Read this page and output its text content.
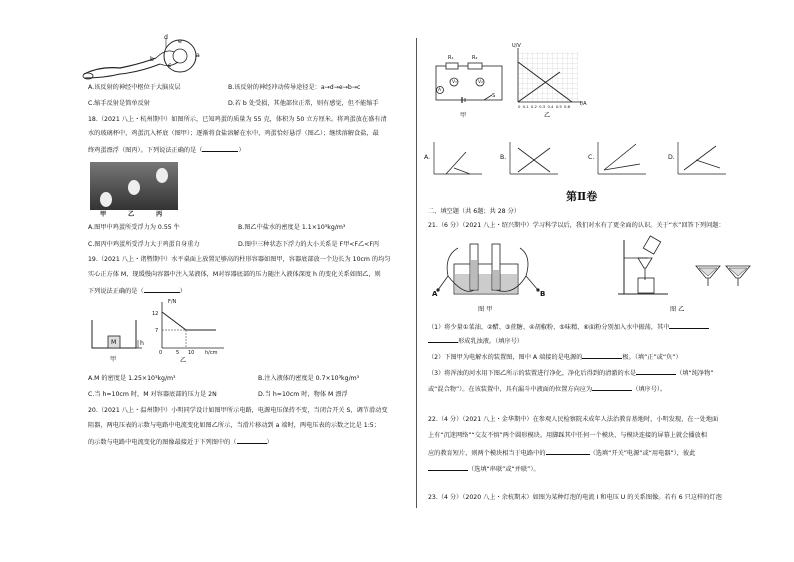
d
e
a
b
c
A.该反射的神经中枢位于大脑皮层	B.该反射的神经冲动传导途径是：a→d→e→b→c
C.缩手反射是简单反射	D.若 b 处受损，其他部位正常，则有感觉，但不能缩手
18.（2021 八上・杭州期中）如图所示，已知鸡蛋的质量为 55 克，体积为 50 立方厘米。将鸡蛋放在盛有清
水的玻璃杯中，鸡蛋沉入杯底（图甲）；逐渐将食盐溶解在水中，鸡蛋恰好悬浮（图乙）；继续溶解食盐，最
终鸡蛋漂浮（图丙）。下列说法正确的是（	）
甲	乙	丙
A.图甲中鸡蛋所受浮力为 0.55 牛	B.图乙中盐水的密度是 1.1×10³kg/m³
C.图丙中鸡蛋所受浮力大于鸡蛋自身重力	D.图中三种状态下浮力的大小关系是 F甲<F乙<F丙
19.（2021 八上・诸暨期中）水平桌面上放置足够高的柱形容器如图甲，容器底部放一个边长为 10cm 的均匀
实心正方体 M，现缓慢向容器中注入某液体，M对容器底部的压力随注入液体深度 h 的变化关系如图乙，则
下列说法正确的是（	）
M	h
甲
F/N
12
7
0	5 10 h/cm
乙
A.M 的密度是 1.25×10³kg/m³	B.注入液体的密度是 0.7×10³kg/m³
C.当 h=10cm 时，M 对容器底部的压力是 2N	D.当 h=10cm 时，物体 M 漂浮
20.（2021 八上・温州期中）小明同学设计如图甲所示电路，电源电压保持不变，当闭合开关 S，调节滑动变
阻器，两电压表的示数与电路中电流变化如图乙所示，当滑片移动到 a 端时，两电压表的示数之比是 1:5；
的示数与电路中电流变化的图像最接近于下列图中的（	）
R₁	R₂
V₁	V₂
A
S
甲
U/V
0 0.1 0.2 0.3 0.4 0.5 0.6 I/A
乙
A.	B.	C.	D.
第Ⅱ卷
二、填空题（共 6题；共 28 分）
21.（6 分）（2021 八上・绍兴期中）学习科学以后，我们对水有了更全面的认识。关于“水”回答下列问题：
A	B
图 甲	图 乙
（1）将少量①菜油、②醋、③蔗糖、④胡椒粉、⑤味精、⑥面粉分别加入水中振荡，其中
形成乳浊液。（填序号）
（2）下图甲为电解水的装置图，图中 A 端接的是电源的	极。（填“正”或“负”）
（3）将浑浊的河水用下图乙所示的装置进行净化，净化后得到的清澈的水是	（填“纯净物”
或“混合物”）。在该装置中，具有漏斗中液面的位置方向应为	（填序号）。
22.（4 分）（2021 八上・金华期中）在参观人民检察院未成年人法治教育基地时，小明发现，在一处地面
上有“沉迷网络”“交友不慎”两个圆形模块。用脚踩其中任何一个模块，与模块连接的屏幕上就会播放相
应的教育短片，则两个模块相当于电路中的	（选填“开关”电源”或“用电器”），彼此
（选填“串联”或“并联”）。
23.（4 分）（2020 八上・余杭期末）如图为某种灯泡的电流 I 和电压 U 的关系图像。若有 6 只这样的灯泡
